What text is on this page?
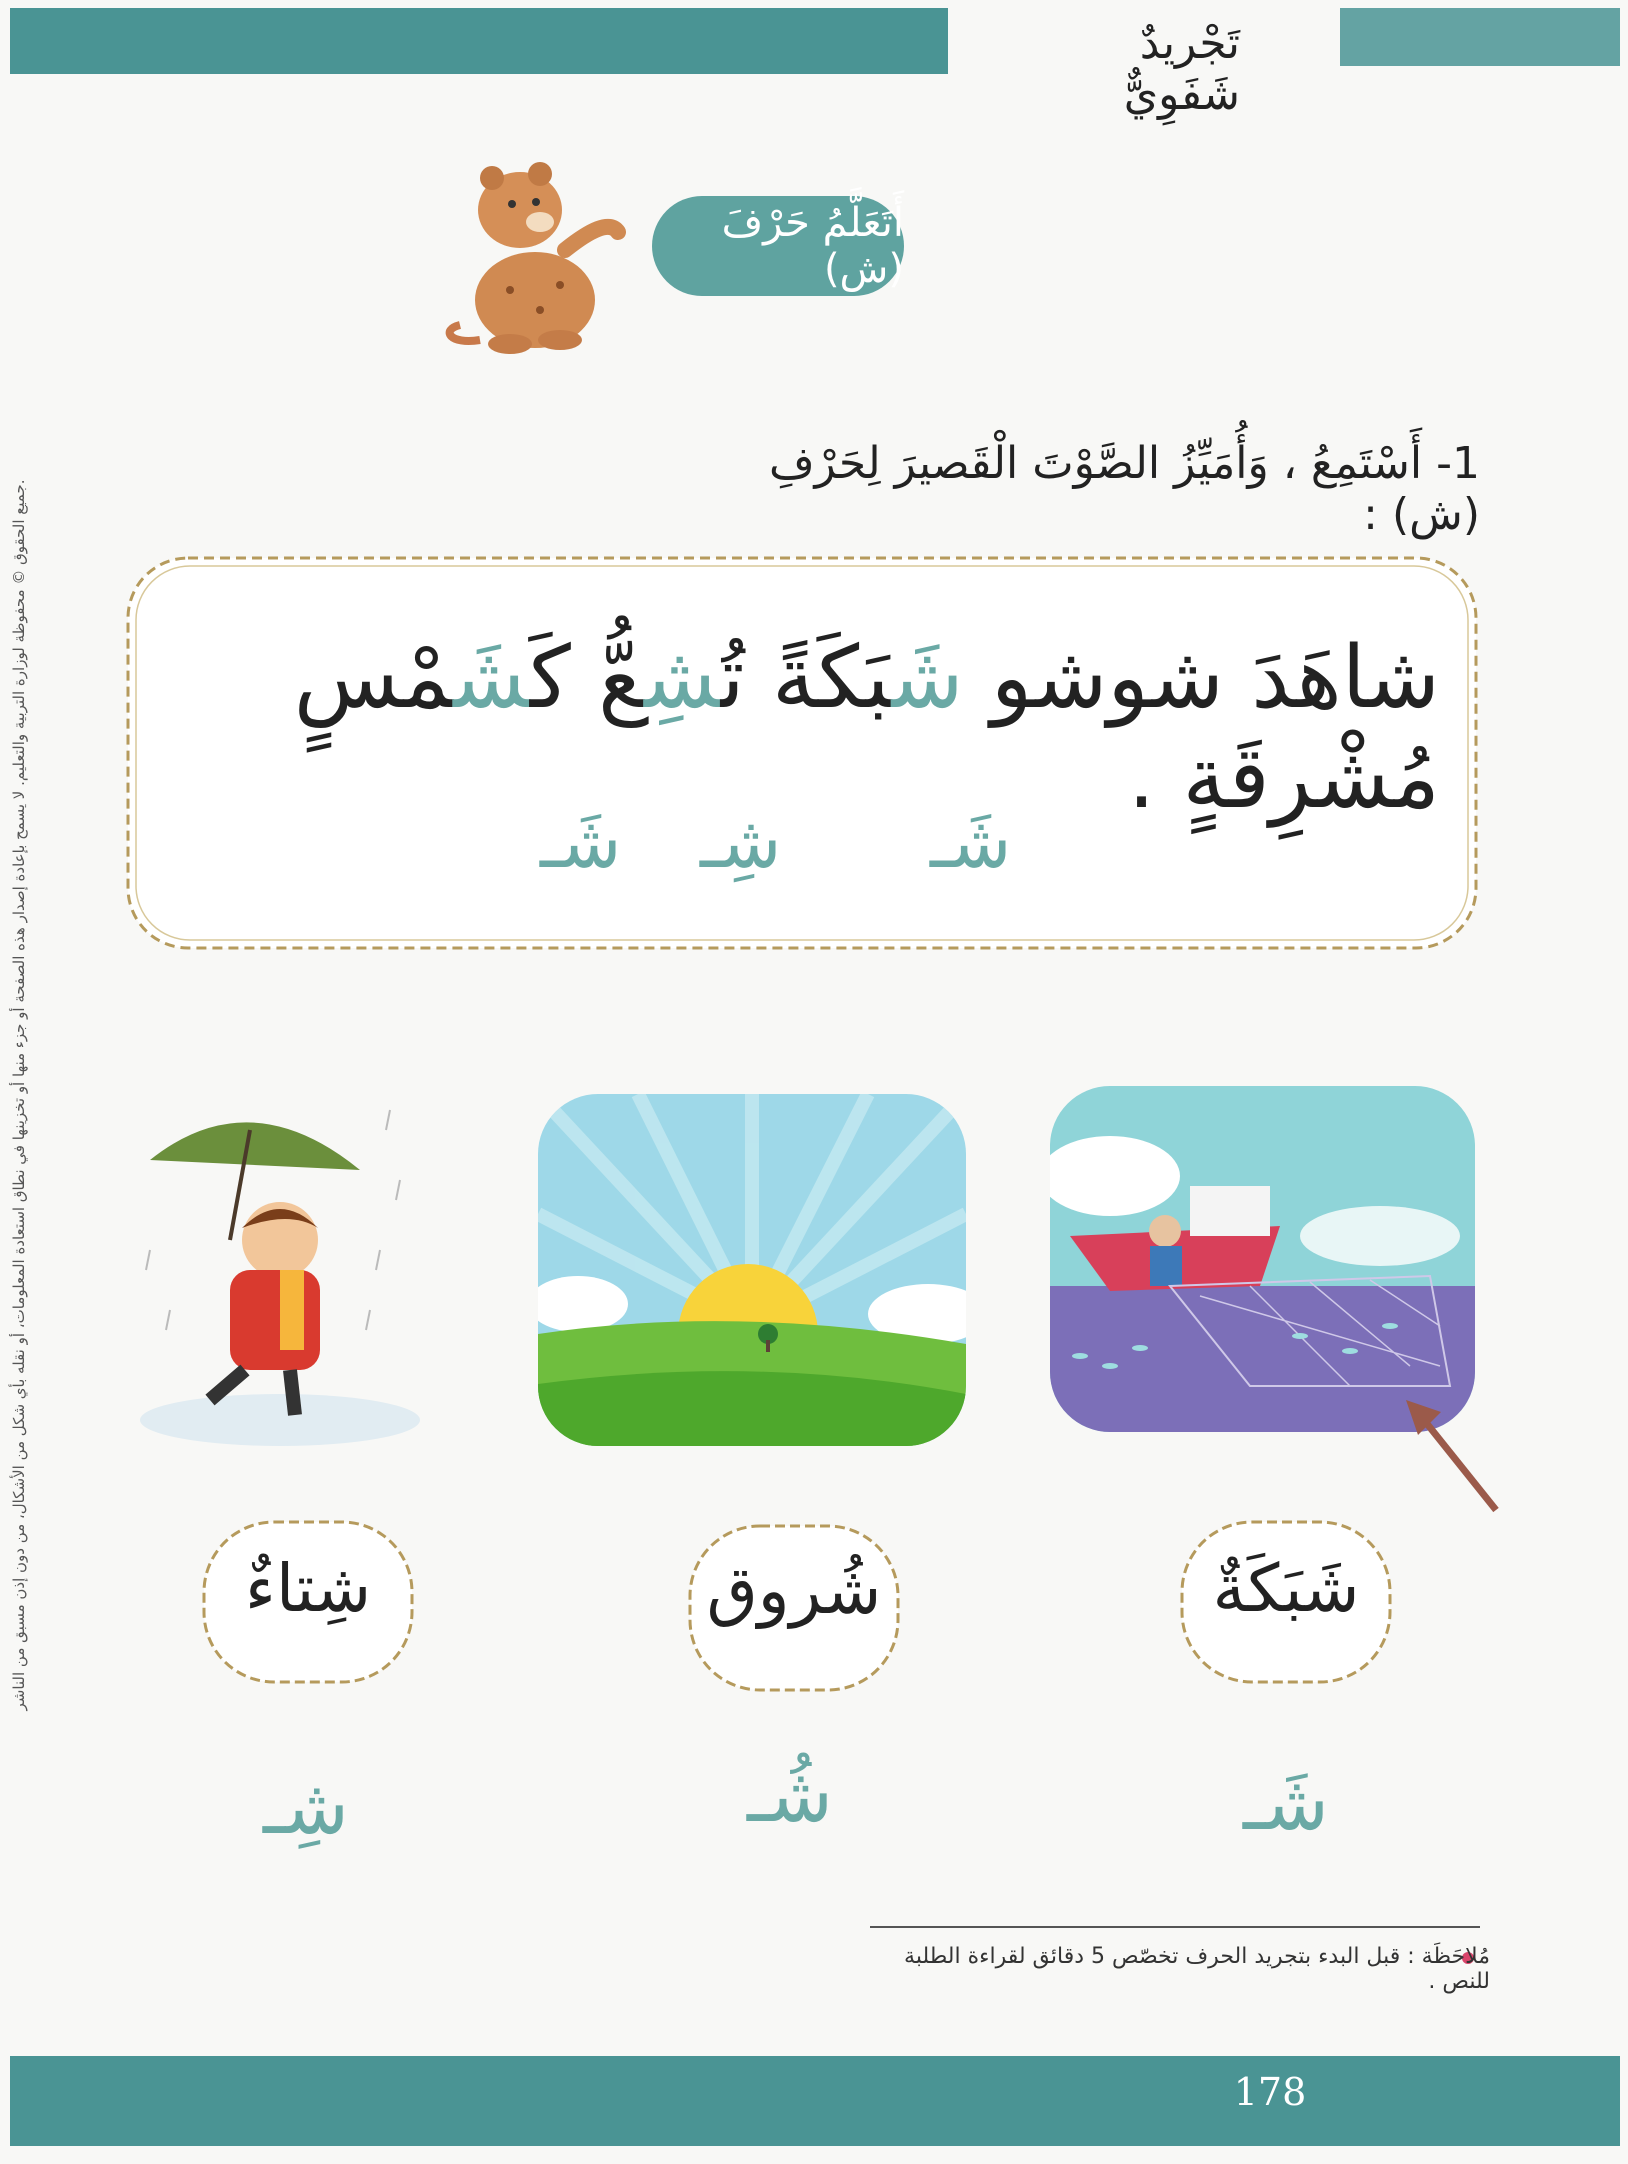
تَجْريدٌ شَفَوِيٌّ
أَتَعَلَّمُ حَرْفَ (ش)
1- أَسْتَمِعُ ، وَأُمَيِّزُ الصَّوْتَ الْقَصيرَ لِحَرْفِ (ش) :
جميع الحقوق © محفوظة لوزارة التربية والتعليم. لا يسمح بإعادة إصدار هذه الصفحة أو جزء منها أو تخزينها في نطاق استعادة المعلومات، أو نقله بأي شكل من الأشكال، من دون إذن مسبق من الناشر.
شاهَدَ شوشو شَبَكَةً تُشِعُّ كَشَمْسٍ مُشْرِقَةٍ .
شَـ
شِـ
شَـ
شَبَكَةٌ
شُروق
شِتاءٌ
شَـ
شُـ
شِـ
مُلاحَظَة : قبل البدء بتجريد الحرف تخصّص 5 دقائق لقراءة الطلبة للنص .
178
